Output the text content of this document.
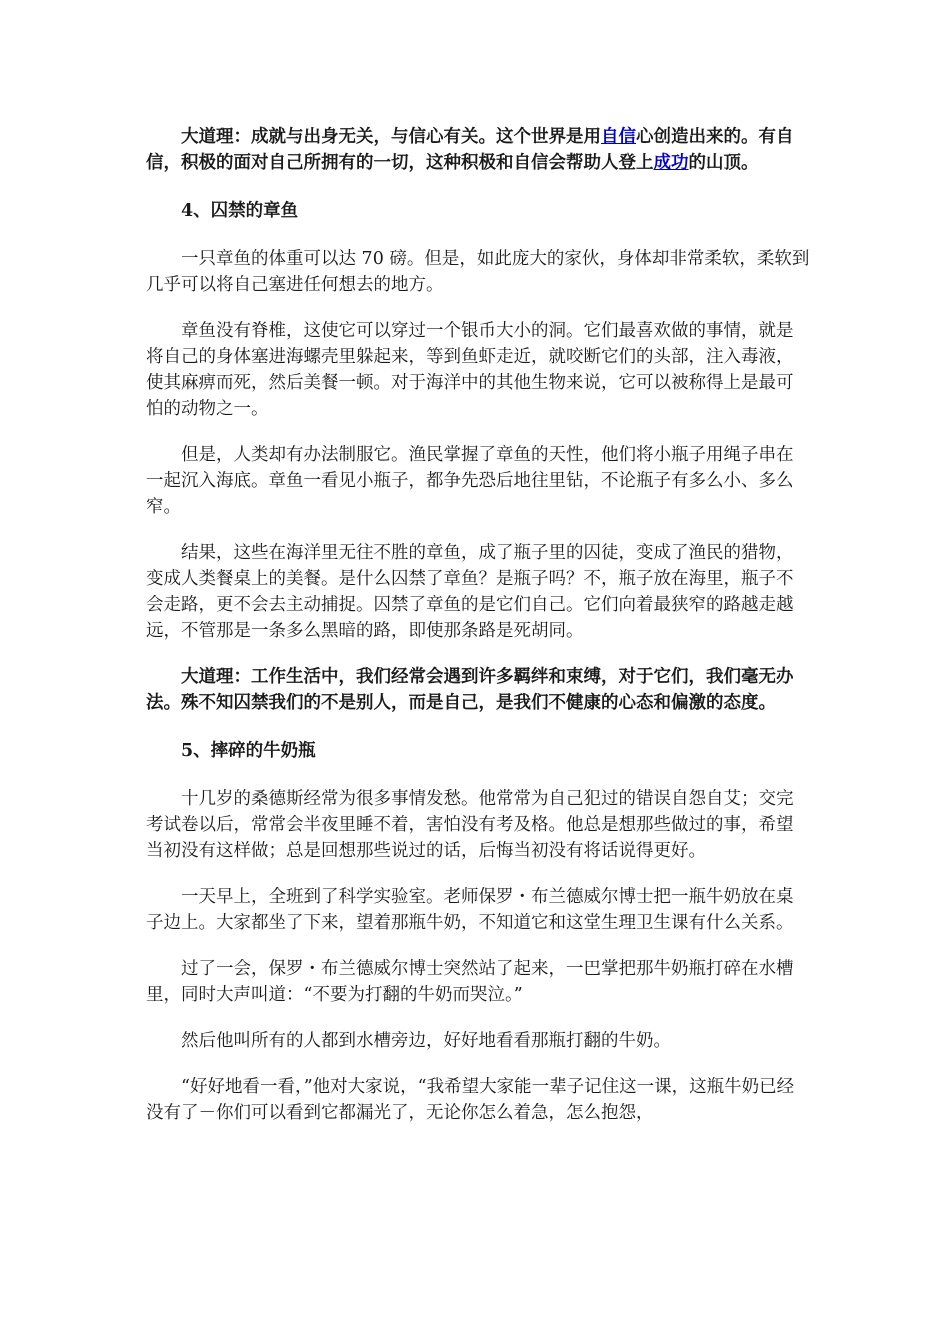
大道理：成就与出身无关，与信心有关。这个世界是用自信心创造出来的。有自信，积极的面对自己所拥有的一切，这种积极和自信会帮助人登上成功的山顶。

4、囚禁的章鱼

一只章鱼的体重可以达 70 磅。但是，如此庞大的家伙，身体却非常柔软，柔软到几乎可以将自己塞进任何想去的地方。

章鱼没有脊椎，这使它可以穿过一个银币大小的洞。它们最喜欢做的事情，就是将自己的身体塞进海螺壳里躲起来，等到鱼虾走近，就咬断它们的头部，注入毒液，使其麻痹而死，然后美餐一顿。对于海洋中的其他生物来说，它可以被称得上是最可怕的动物之一。

但是，人类却有办法制服它。渔民掌握了章鱼的天性，他们将小瓶子用绳子串在一起沉入海底。章鱼一看见小瓶子，都争先恐后地往里钻，不论瓶子有多么小、多么窄。

结果，这些在海洋里无往不胜的章鱼，成了瓶子里的囚徒，变成了渔民的猎物，变成人类餐桌上的美餐。是什么囚禁了章鱼？是瓶子吗？不，瓶子放在海里，瓶子不会走路，更不会去主动捕捉。囚禁了章鱼的是它们自己。它们向着最狭窄的路越走越远，不管那是一条多么黑暗的路，即使那条路是死胡同。

大道理：工作生活中，我们经常会遇到许多羁绊和束缚，对于它们，我们毫无办法。殊不知囚禁我们的不是别人，而是自己，是我们不健康的心态和偏激的态度。

5、摔碎的牛奶瓶

十几岁的桑德斯经常为很多事情发愁。他常常为自己犯过的错误自怨自艾；交完考试卷以后，常常会半夜里睡不着，害怕没有考及格。他总是想那些做过的事，希望当初没有这样做；总是回想那些说过的话，后悔当初没有将话说得更好。

一天早上，全班到了科学实验室。老师保罗・布兰德威尔博士把一瓶牛奶放在桌子边上。大家都坐了下来，望着那瓶牛奶，不知道它和这堂生理卫生课有什么关系。

过了一会，保罗・布兰德威尔博士突然站了起来，一巴掌把那牛奶瓶打碎在水槽里，同时大声叫道：“不要为打翻的牛奶而哭泣。”

然后他叫所有的人都到水槽旁边，好好地看看那瓶打翻的牛奶。

“好好地看一看，”他对大家说，“我希望大家能一辈子记住这一课，这瓶牛奶已经没有了－你们可以看到它都漏光了，无论你怎么着急，怎么抱怨，
